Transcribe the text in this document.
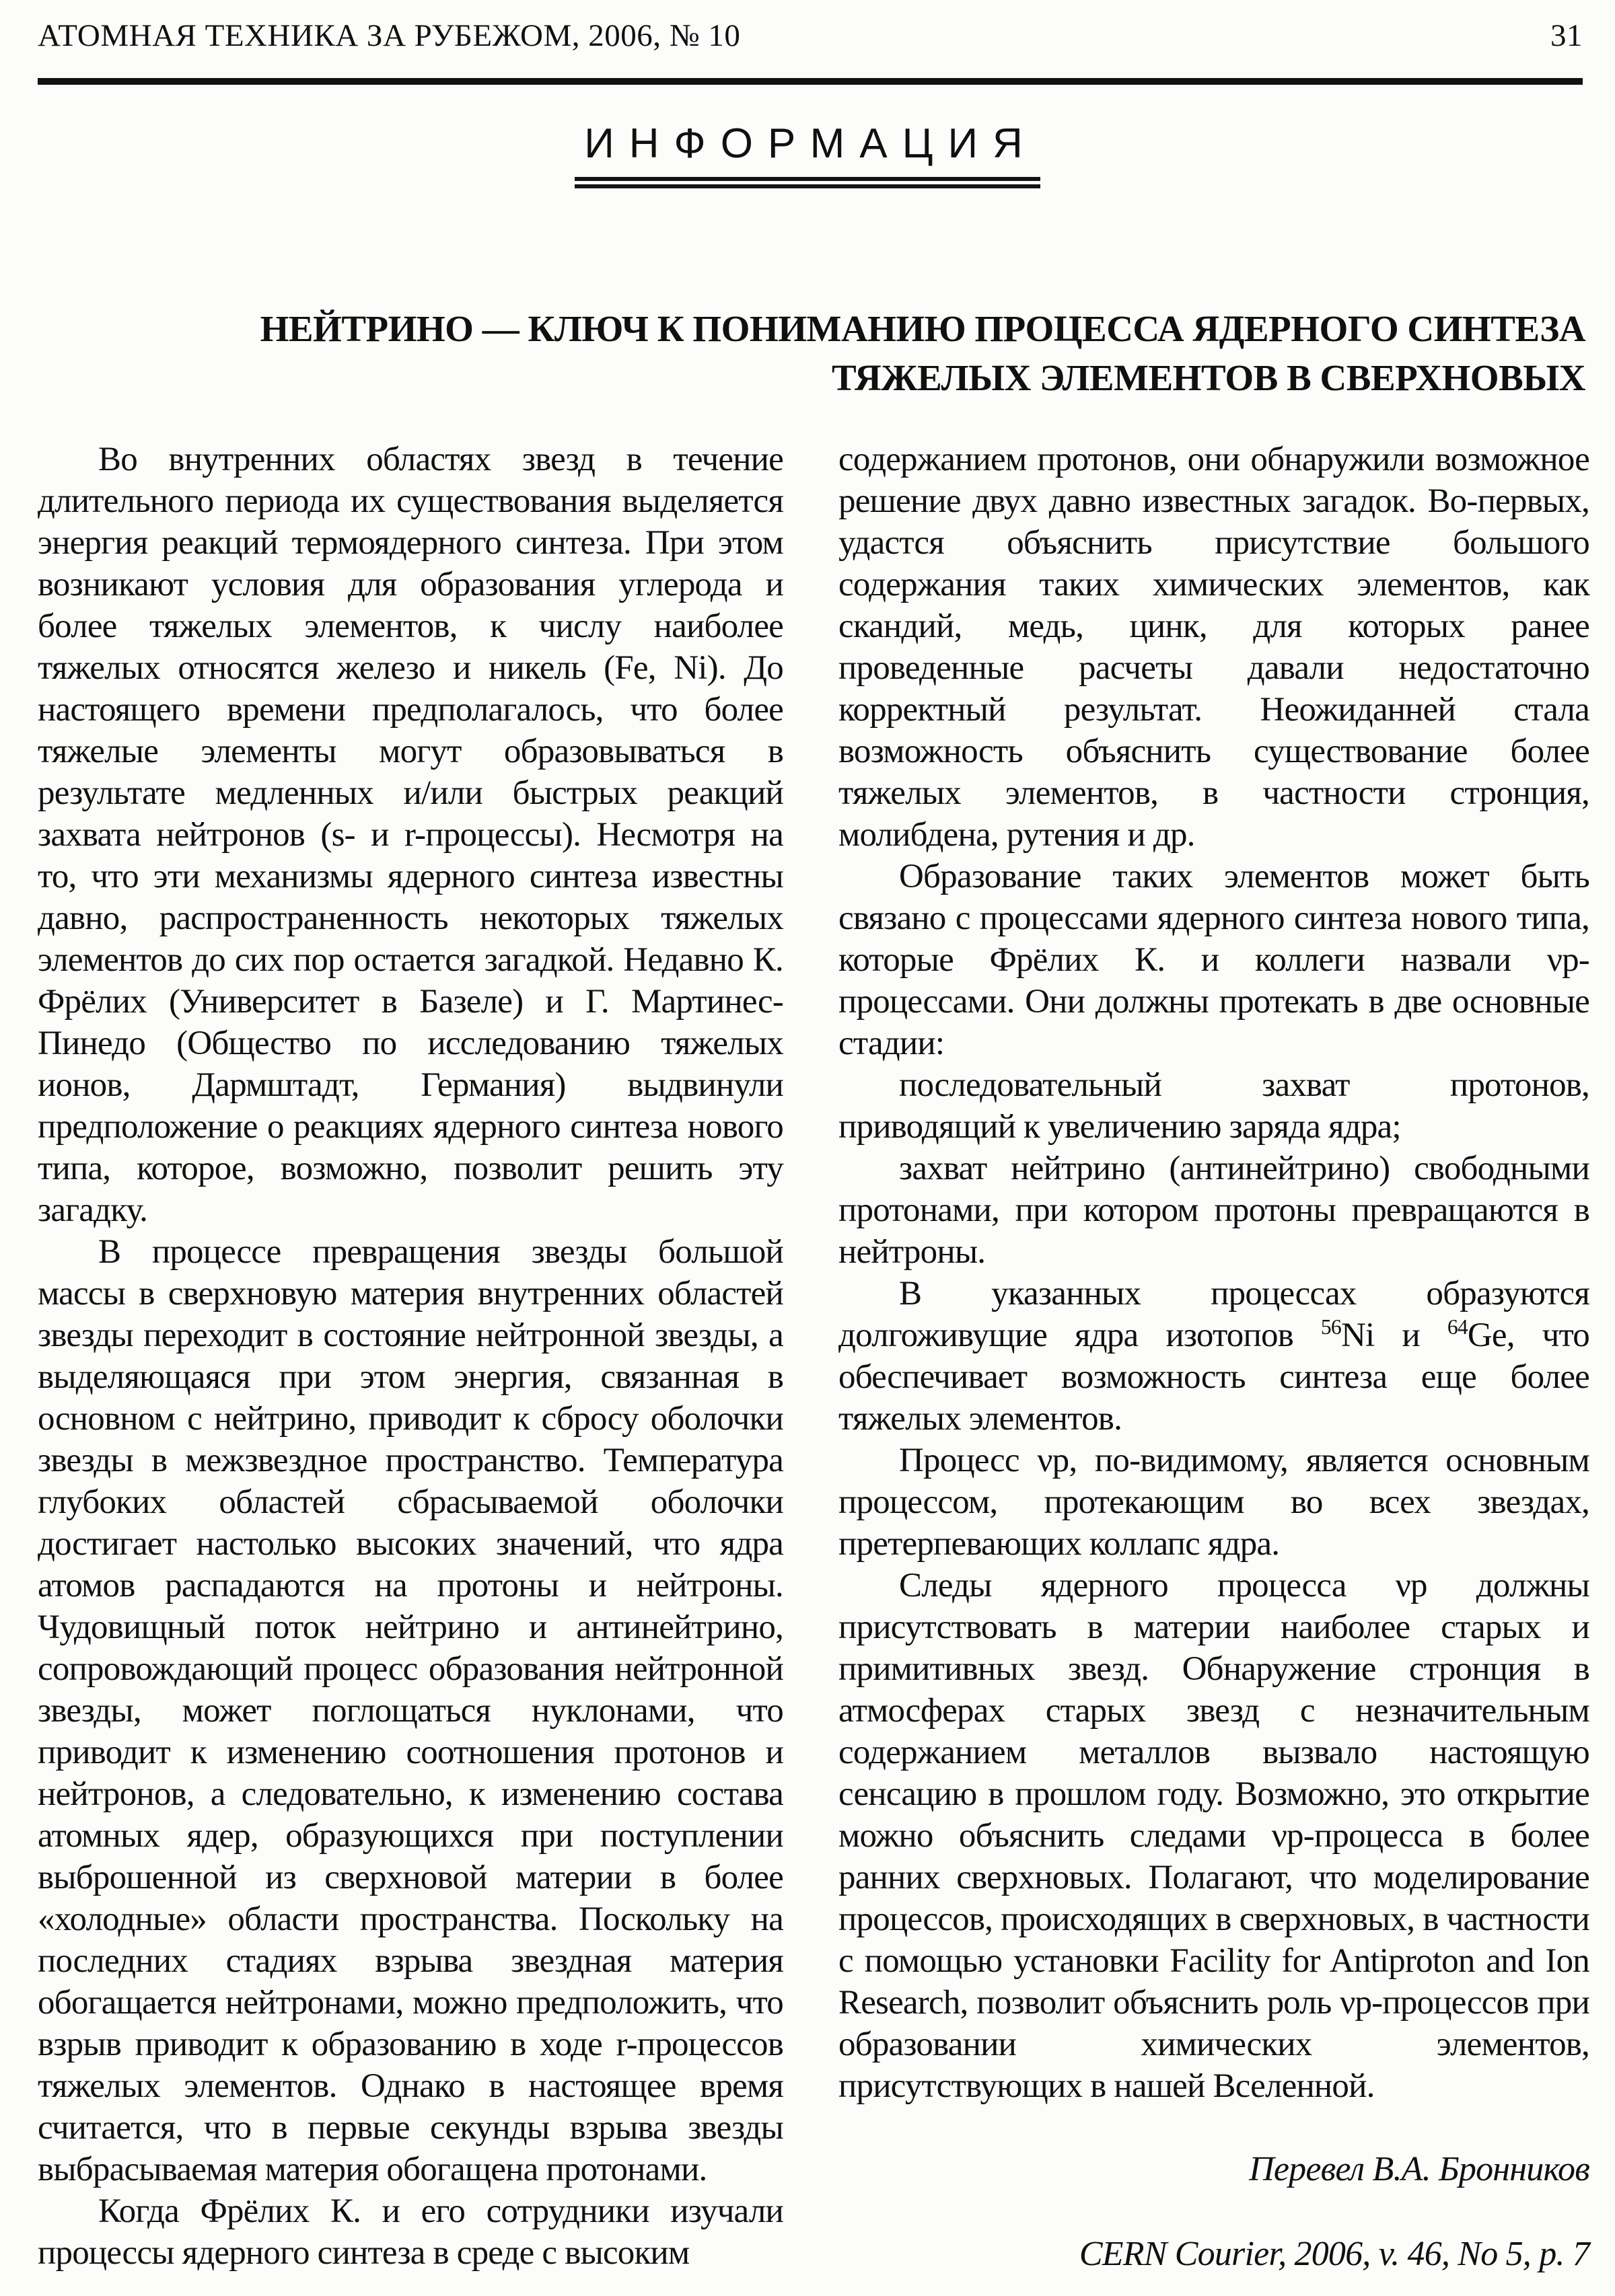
АТОМНАЯ ТЕХНИКА ЗА РУБЕЖОМ, 2006, № 10	31
ИНФОРМАЦИЯ
НЕЙТРИНО — КЛЮЧ К ПОНИМАНИЮ ПРОЦЕССА ЯДЕРНОГО СИНТЕЗА
ТЯЖЕЛЫХ ЭЛЕМЕНТОВ В СВЕРХНОВЫХ

Во внутренних областях звезд в течение длительного периода их существования выделяется энергия реакций термоядерного синтеза. При этом возникают условия для образования углерода и более тяжелых элементов, к числу наиболее тяжелых относятся железо и никель (Fe, Ni). До настоящего времени предполагалось, что более тяжелые элементы могут образовываться в результате медленных и/или быстрых реакций захвата нейтронов (s- и r-процессы). Несмотря на то, что эти механизмы ядерного синтеза известны давно, распространенность некоторых тяжелых элементов до сих пор остается загадкой. Недавно К. Фрёлих (Университет в Базеле) и Г. Мартинес-Пинедо (Общество по исследованию тяжелых ионов, Дармштадт, Германия) выдвинули предположение о реакциях ядерного синтеза нового типа, которое, возможно, позволит решить эту загадку.

В процессе превращения звезды большой массы в сверхновую материя внутренних областей звезды переходит в состояние нейтронной звезды, а выделяющаяся при этом энергия, связанная в основном с нейтрино, приводит к сбросу оболочки звезды в межзвездное пространство. Температура глубоких областей сбрасываемой оболочки достигает настолько высоких значений, что ядра атомов распадаются на протоны и нейтроны. Чудовищный поток нейтрино и антинейтрино, сопровождающий процесс образования нейтронной звезды, может поглощаться нуклонами, что приводит к изменению соотношения протонов и нейтронов, а следовательно, к изменению состава атомных ядер, образующихся при поступлении выброшенной из сверхновой материи в более «холодные» области пространства. Поскольку на последних стадиях взрыва звездная материя обогащается нейтронами, можно предположить, что взрыв приводит к образованию в ходе r-процессов тяжелых элементов. Однако в настоящее время считается, что в первые секунды взрыва звезды выбрасываемая материя обогащена протонами.

Когда Фрёлих К. и его сотрудники изучали процессы ядерного синтеза в среде с высоким

содержанием протонов, они обнаружили возможное решение двух давно известных загадок. Во-первых, удастся объяснить присутствие большого содержания таких химических элементов, как скандий, медь, цинк, для которых ранее проведенные расчеты давали недостаточно корректный результат. Неожиданней стала возможность объяснить существование более тяжелых элементов, в частности стронция, молибдена, рутения и др.

Образование таких элементов может быть связано с процессами ядерного синтеза нового типа, которые Фрёлих К. и коллеги назвали νp-процессами. Они должны протекать в две основные стадии:

последовательный захват протонов, приводящий к увеличению заряда ядра;

захват нейтрино (антинейтрино) свободными протонами, при котором протоны превращаются в нейтроны.

В указанных процессах образуются долгоживущие ядра изотопов $^{56}$Ni и $^{64}$Ge, что обеспечивает возможность синтеза еще более тяжелых элементов.

Процесс νp, по-видимому, является основным процессом, протекающим во всех звездах, претерпевающих коллапс ядра.

Следы ядерного процесса νp должны присутствовать в материи наиболее старых и примитивных звезд. Обнаружение стронция в атмосферах старых звезд с незначительным содержанием металлов вызвало настоящую сенсацию в прошлом году. Возможно, это открытие можно объяснить следами νp-процесса в более ранних сверхновых. Полагают, что моделирование процессов, происходящих в сверхновых, в частности с помощью установки Facility for Antiproton and Ion Research, позволит объяснить роль νp-процессов при образовании химических элементов, присутствующих в нашей Вселенной.

Перевел В.А. Бронников

CERN Courier, 2006, v. 46, No 5, p. 7
